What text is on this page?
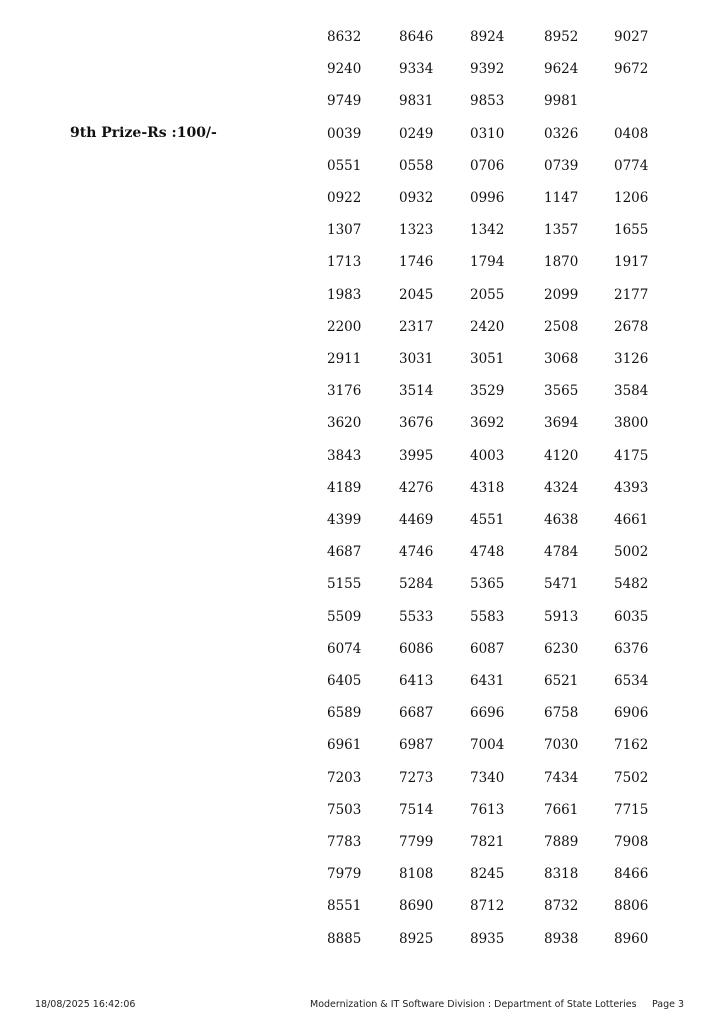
9th Prize-Rs :100/-
8632	8646	8924	8952	9027
9240	9334	9392	9624	9672
9749	9831	9853	9981
0039	0249	0310	0326	0408
0551	0558	0706	0739	0774
0922	0932	0996	1147	1206
1307	1323	1342	1357	1655
1713	1746	1794	1870	1917
1983	2045	2055	2099	2177
2200	2317	2420	2508	2678
2911	3031	3051	3068	3126
3176	3514	3529	3565	3584
3620	3676	3692	3694	3800
3843	3995	4003	4120	4175
4189	4276	4318	4324	4393
4399	4469	4551	4638	4661
4687	4746	4748	4784	5002
5155	5284	5365	5471	5482
5509	5533	5583	5913	6035
6074	6086	6087	6230	6376
6405	6413	6431	6521	6534
6589	6687	6696	6758	6906
6961	6987	7004	7030	7162
7203	7273	7340	7434	7502
7503	7514	7613	7661	7715
7783	7799	7821	7889	7908
7979	8108	8245	8318	8466
8551	8690	8712	8732	8806
8885	8925	8935	8938	8960
18/08/2025 16:42:06	Modernization & IT Software Division : Department of State Lotteries Page 3
